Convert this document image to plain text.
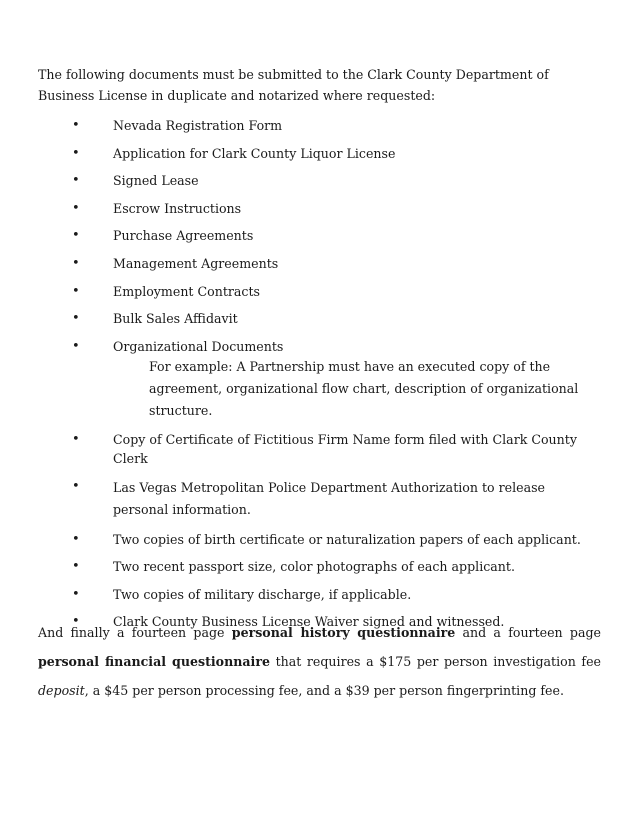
The following documents must be submitted to the Clark County Department of Business License in duplicate and notarized where requested:
•	Nevada Registration Form
•	Application for Clark County Liquor License
•	Signed Lease
•	Escrow Instructions
•	Purchase Agreements
•	Management Agreements
•	Employment Contracts
•	Bulk Sales Affidavit
•	Organizational Documents
For example: A Partnership must have an executed copy of the agreement, organizational flow chart, description of organizational structure.
•	Copy of Certificate of Fictitious Firm Name form filed with Clark County Clerk
•	Las Vegas Metropolitan Police Department Authorization to release personal information.
•	Two copies of birth certificate or naturalization papers of each applicant.
•	Two recent passport size, color photographs of each applicant.
•	Two copies of military discharge, if applicable.
•	Clark County Business License Waiver signed and witnessed.
And finally a fourteen page personal history questionnaire and a fourteen page personal financial questionnaire that requires a $175 per person investigation fee deposit, a $45 per person processing fee, and a $39 per person fingerprinting fee.
